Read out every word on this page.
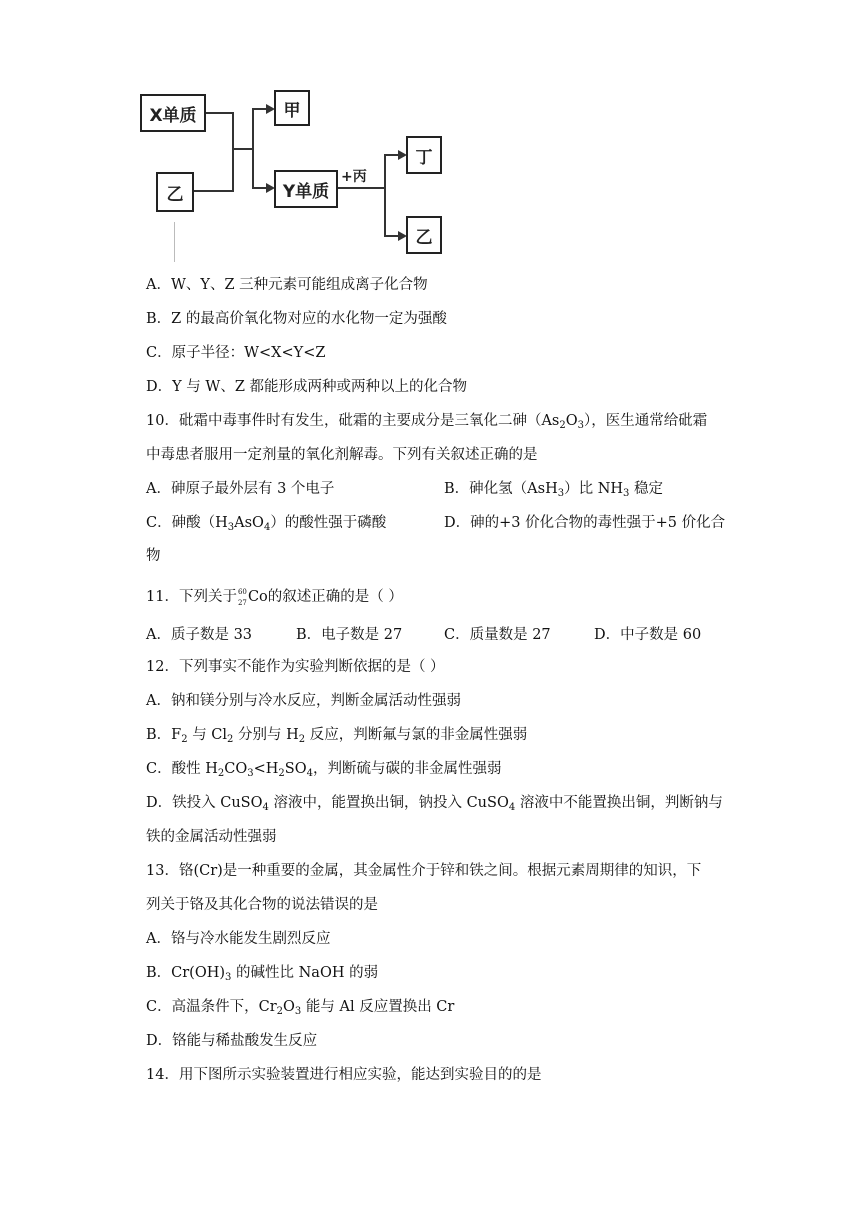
X单质
乙
甲
Y单质
+丙
丁
乙
A．W、Y、Z 三种元素可能组成离子化合物
B．Z 的最高价氧化物对应的水化物一定为强酸
C．原子半径：W<X<Y<Z
D．Y 与 W、Z 都能形成两种或两种以上的化合物
10．砒霜中毒事件时有发生，砒霜的主要成分是三氧化二砷$(As_2O_3)$，医生通常给砒霜
中毒患者服用一定剂量的氧化剂解毒。下列有关叙述正确的是
A．砷原子最外层有 3 个电子	B．砷化氢（AsH$_3$）比 $NH_3$ 稳定
C．砷酸$(H_3AsO_4)$的酸性强于磷酸	D．砷的+3 价化合物的毒性强于+5 价化合
物
11．下列关于 60
27 Co的叙述正确的是（ ）
A．质子数是 33	B．电子数是 27	C．质量数是 27	D．中子数是 60
12．下列事实不能作为实验判断依据的是（ ）
A．钠和镁分别与冷水反应，判断金属活动性强弱
B．$F_2$ 与 $Cl_2$ 分别与 $H_2$ 反应，判断氟与氯的非金属性强弱
C．酸性 $H_2CO_3<H_2SO_4$，判断硫与碳的非金属性强弱
D．铁投入 CuSO$_4$ 溶液中，能置换出铜，钠投入 CuSO$_4$ 溶液中不能置换出铜，判断钠与
铁的金属活动性强弱
13．铬(Cr)是一种重要的金属，其金属性介于锌和铁之间。根据元素周期律的知识，下
列关于铬及其化合物的说法错误的是
A．铬与冷水能发生剧烈反应
B．$Cr(OH)_3$ 的碱性比 NaOH 的弱
C．高温条件下，$Cr_2O_3$ 能与 Al 反应置换出 Cr
D．铬能与稀盐酸发生反应
14．用下图所示实验装置进行相应实验，能达到实验目的的是
